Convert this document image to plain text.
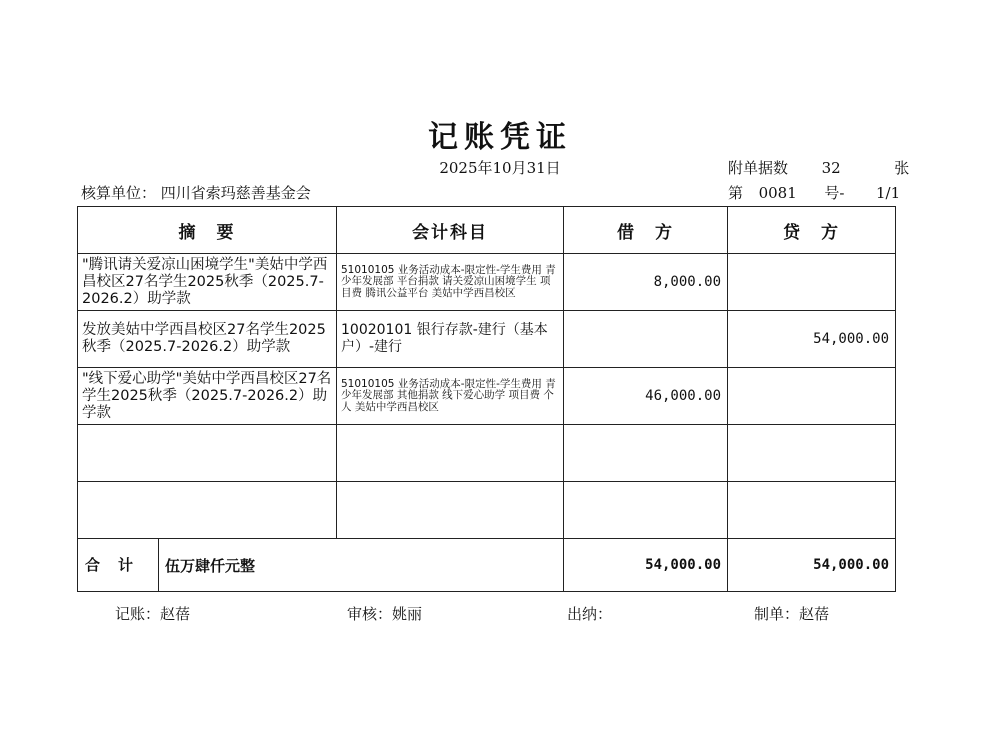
记账凭证
2025年10月31日	附单据数 32	张
核算单位： 四川省索玛慈善基金会	第 0081 号- 1/1
摘　要	会计科目	借　方	贷　方
"腾讯请关爱凉山困境学生"美姑中学西昌校区27名学生2025秋季（2025.7-2026.2）助学款	51010105 业务活动成本-限定性-学生费用 青少年发展部 平台捐款 请关爱凉山困境学生 项目费 腾讯公益平台 美姑中学西昌校区	8,000.00	
发放美姑中学西昌校区27名学生2025秋季（2025.7-2026.2）助学款	10020101 银行存款-建行（基本户）-建行		54,000.00
"线下爱心助学"美姑中学西昌校区27名学生2025秋季（2025.7-2026.2）助学款	51010105 业务活动成本-限定性-学生费用 青少年发展部 其他捐款 线下爱心助学 项目费 个人 美姑中学西昌校区	46,000.00	

合计 伍万肆仟元整		54,000.00	54,000.00
记账：赵蓓	审核：姚丽	出纳：	制单：赵蓓
